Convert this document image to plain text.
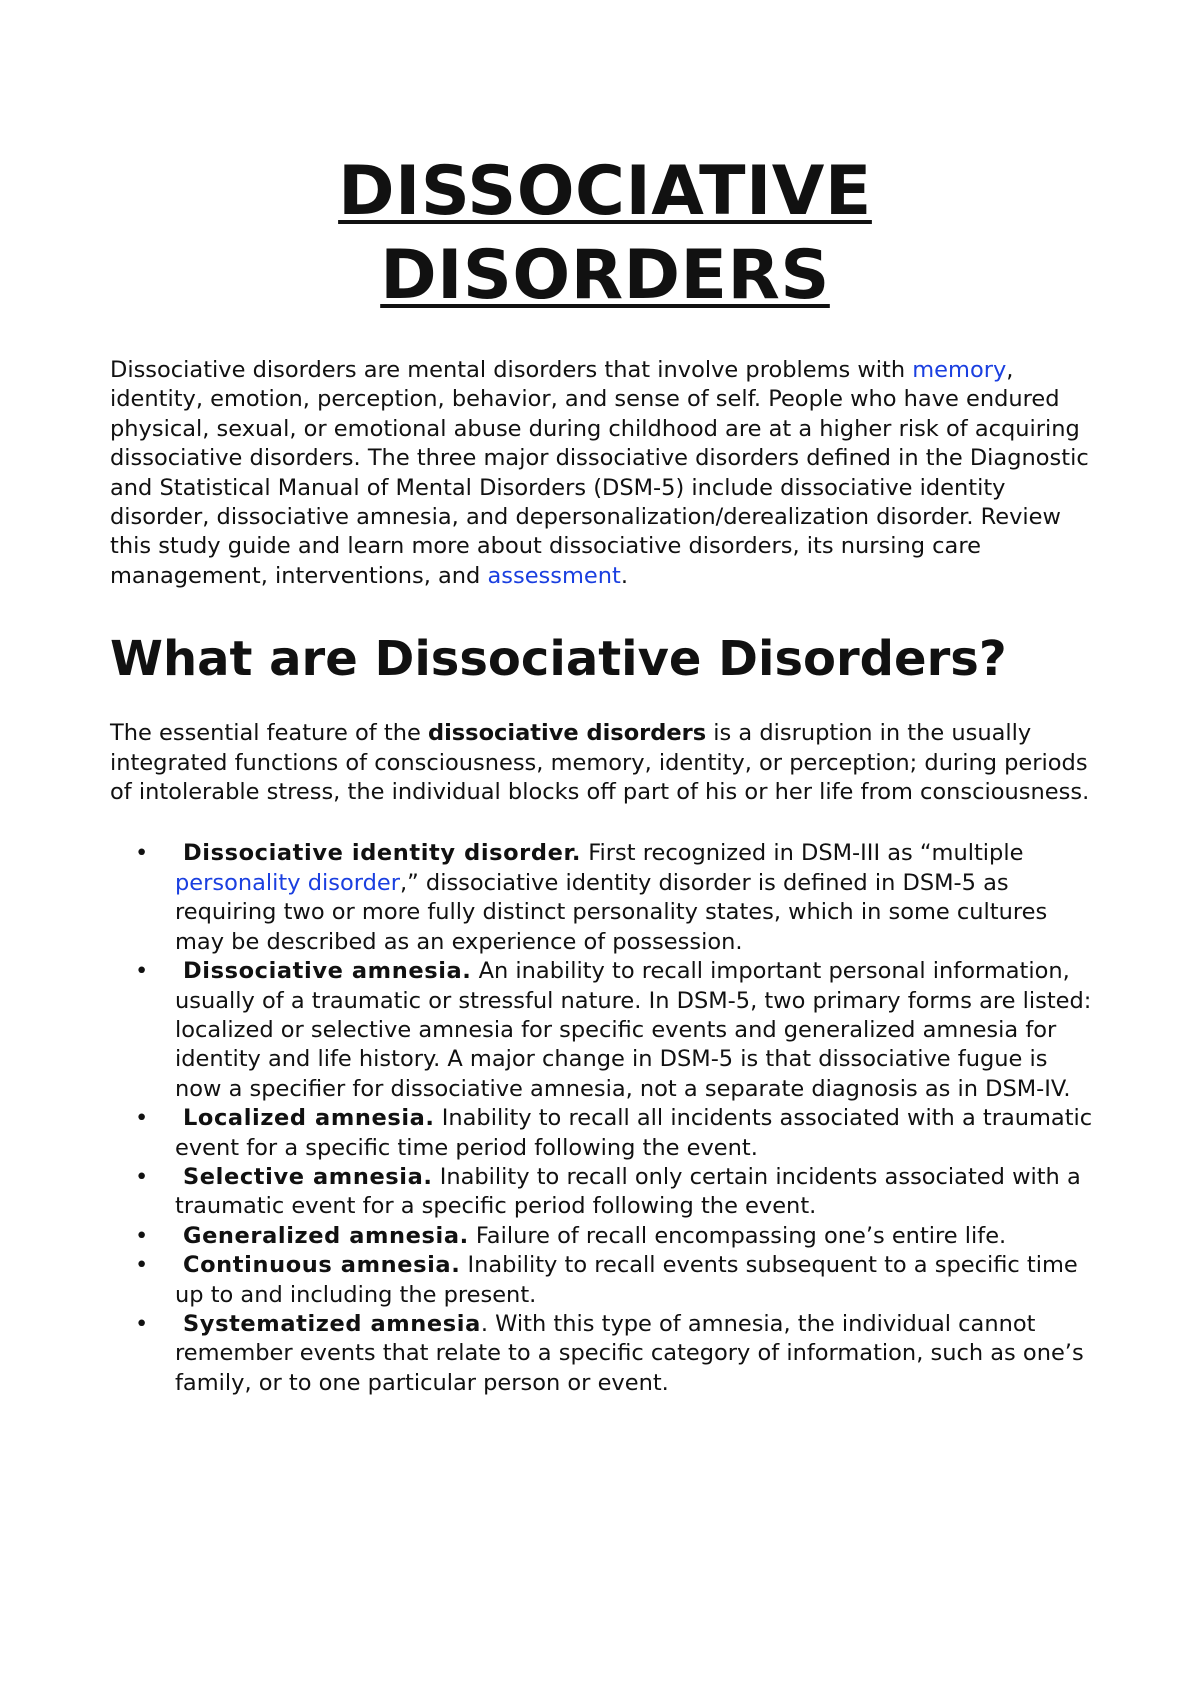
DISSOCIATIVE
DISORDERS

Dissociative disorders are mental disorders that involve problems with memory, identity, emotion, perception, behavior, and sense of self. People who have endured physical, sexual, or emotional abuse during childhood are at a higher risk of acquiring dissociative disorders. The three major dissociative disorders defined in the Diagnostic and Statistical Manual of Mental Disorders (DSM-5) include dissociative identity disorder, dissociative amnesia, and depersonalization/derealization disorder. Review this study guide and learn more about dissociative disorders, its nursing care management, interventions, and assessment.

What are Dissociative Disorders?

The essential feature of the dissociative disorders is a disruption in the usually integrated functions of consciousness, memory, identity, or perception; during periods of intolerable stress, the individual blocks off part of his or her life from consciousness.

• Dissociative identity disorder. First recognized in DSM-III as “multiple personality disorder,” dissociative identity disorder is defined in DSM-5 as requiring two or more fully distinct personality states, which in some cultures may be described as an experience of possession.
• Dissociative amnesia. An inability to recall important personal information, usually of a traumatic or stressful nature. In DSM-5, two primary forms are listed: localized or selective amnesia for specific events and generalized amnesia for identity and life history. A major change in DSM-5 is that dissociative fugue is now a specifier for dissociative amnesia, not a separate diagnosis as in DSM-IV.
• Localized amnesia. Inability to recall all incidents associated with a traumatic event for a specific time period following the event.
• Selective amnesia. Inability to recall only certain incidents associated with a traumatic event for a specific period following the event.
• Generalized amnesia. Failure of recall encompassing one’s entire life.
• Continuous amnesia. Inability to recall events subsequent to a specific time up to and including the present.
• Systematized amnesia. With this type of amnesia, the individual cannot remember events that relate to a specific category of information, such as one’s family, or to one particular person or event.
